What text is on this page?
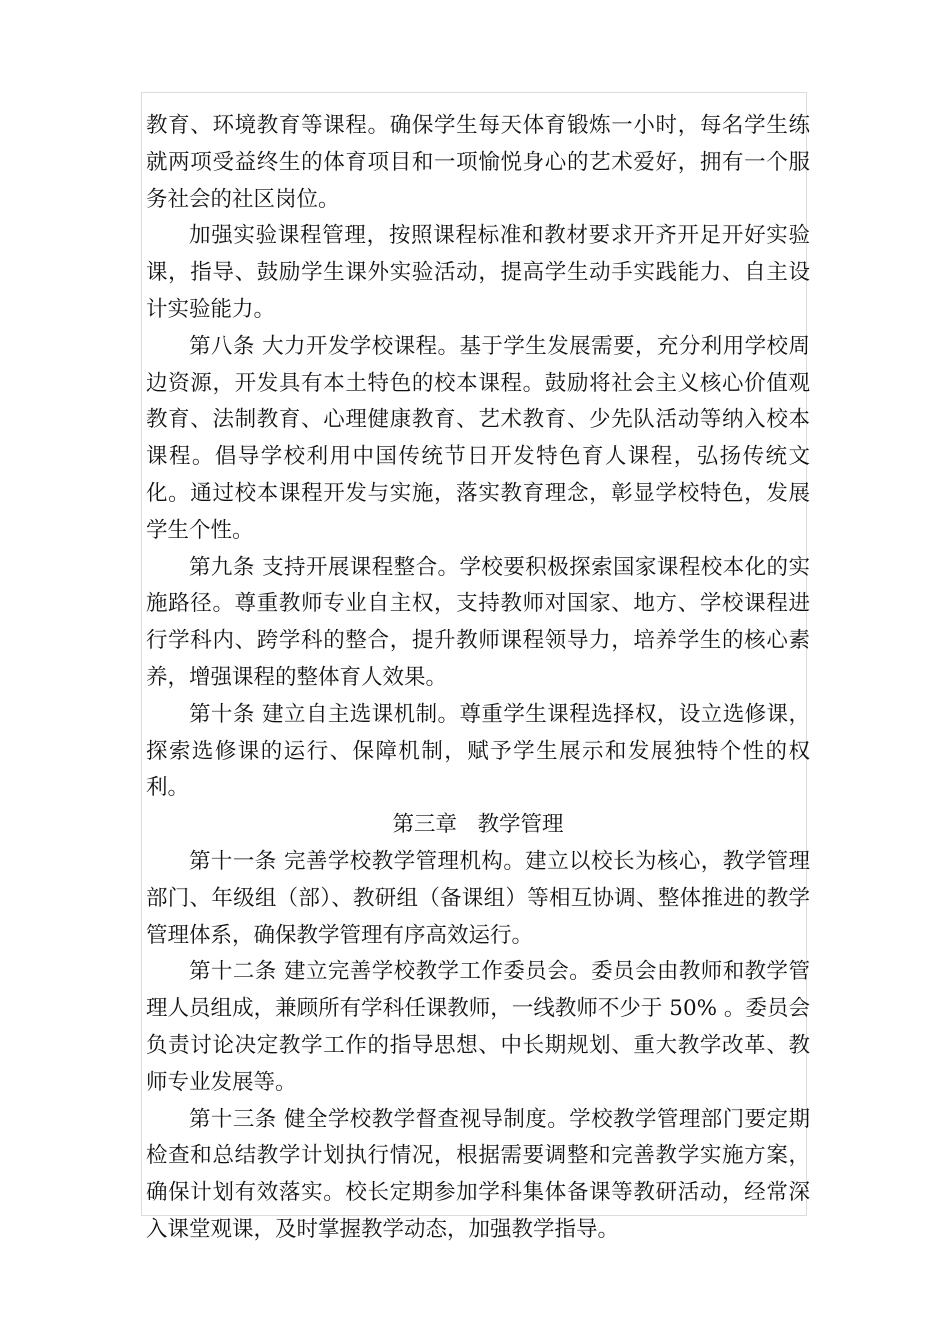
教育、环境教育等课程。确保学生每天体育锻炼一小时，每名学生练就两项受益终生的体育项目和一项愉悦身心的艺术爱好，拥有一个服务社会的社区岗位。

加强实验课程管理，按照课程标准和教材要求开齐开足开好实验课，指导、鼓励学生课外实验活动，提高学生动手实践能力、自主设计实验能力。

第八条 大力开发学校课程。基于学生发展需要，充分利用学校周边资源，开发具有本土特色的校本课程。鼓励将社会主义核心价值观教育、法制教育、心理健康教育、艺术教育、少先队活动等纳入校本课程。倡导学校利用中国传统节日开发特色育人课程，弘扬传统文化。通过校本课程开发与实施，落实教育理念，彰显学校特色，发展学生个性。

第九条 支持开展课程整合。学校要积极探索国家课程校本化的实施路径。尊重教师专业自主权，支持教师对国家、地方、学校课程进行学科内、跨学科的整合，提升教师课程领导力，培养学生的核心素养，增强课程的整体育人效果。

第十条 建立自主选课机制。尊重学生课程选择权，设立选修课，探索选修课的运行、保障机制，赋予学生展示和发展独特个性的权利。

第三章   教学管理

第十一条 完善学校教学管理机构。建立以校长为核心，教学管理部门、年级组（部）、教研组（备课组）等相互协调、整体推进的教学管理体系，确保教学管理有序高效运行。

第十二条 建立完善学校教学工作委员会。委员会由教师和教学管理人员组成，兼顾所有学科任课教师，一线教师不少于 50% 。委员会负责讨论决定教学工作的指导思想、中长期规划、重大教学改革、教师专业发展等。

第十三条 健全学校教学督查视导制度。学校教学管理部门要定期检查和总结教学计划执行情况，根据需要调整和完善教学实施方案，确保计划有效落实。校长定期参加学科集体备课等教研活动，经常深入课堂观课，及时掌握教学动态，加强教学指导。
